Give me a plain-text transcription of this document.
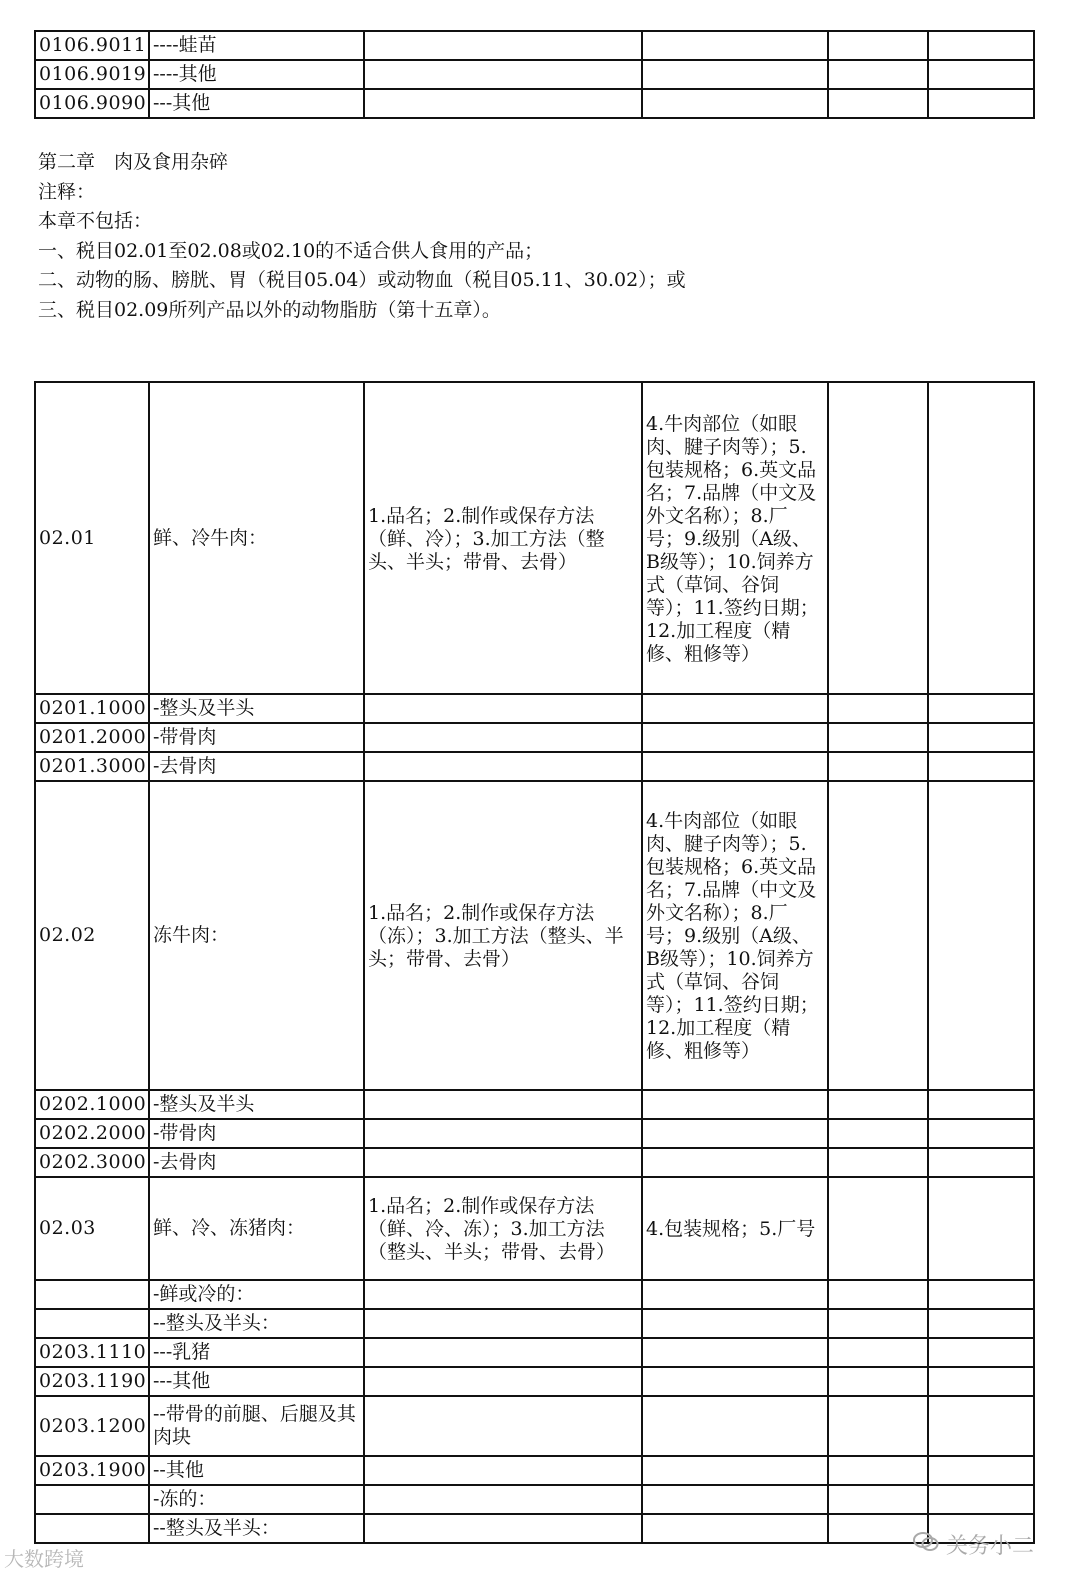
0106.9011	----蛙苗				
0106.9019	----其他				
0106.9090	---其他				
第二章　肉及食用杂碎
注释：
本章不包括：
一、税目02.01至02.08或02.10的不适合供人食用的产品；
二、动物的肠、膀胱、胃（税目05.04）或动物血（税目05.11、30.02）；或
三、税目02.09所列产品以外的动物脂肪（第十五章）。
02.01	鲜、冷牛肉：	1.品名；2.制作或保存方法（鲜、冷）；3.加工方法（整头、半头；带骨、去骨）	4.牛肉部位（如眼肉、腱子肉等）；5.包装规格；6.英文品名；7.品牌（中文及外文名称）；8.厂号；9.级别（A级、B级等）；10.饲养方式（草饲、谷饲等）；11.签约日期；12.加工程度（精修、粗修等）		
0201.1000	-整头及半头				
0201.2000	-带骨肉				
0201.3000	-去骨肉				
02.02	冻牛肉：	1.品名；2.制作或保存方法（冻）；3.加工方法（整头、半头；带骨、去骨）	4.牛肉部位（如眼肉、腱子肉等）；5.包装规格；6.英文品名；7.品牌（中文及外文名称）；8.厂号；9.级别（A级、B级等）；10.饲养方式（草饲、谷饲等）；11.签约日期；12.加工程度（精修、粗修等）		
0202.1000	-整头及半头				
0202.2000	-带骨肉				
0202.3000	-去骨肉				
02.03	鲜、冷、冻猪肉：	1.品名；2.制作或保存方法（鲜、冷、冻）；3.加工方法（整头、半头；带骨、去骨）	4.包装规格；5.厂号		
	-鲜或冷的：				
	--整头及半头：				
0203.1110	---乳猪				
0203.1190	---其他				
0203.1200	--带骨的前腿、后腿及其肉块				
0203.1900	--其他				
	-冻的：				
	--整头及半头：				
大数跨境	关务小二
